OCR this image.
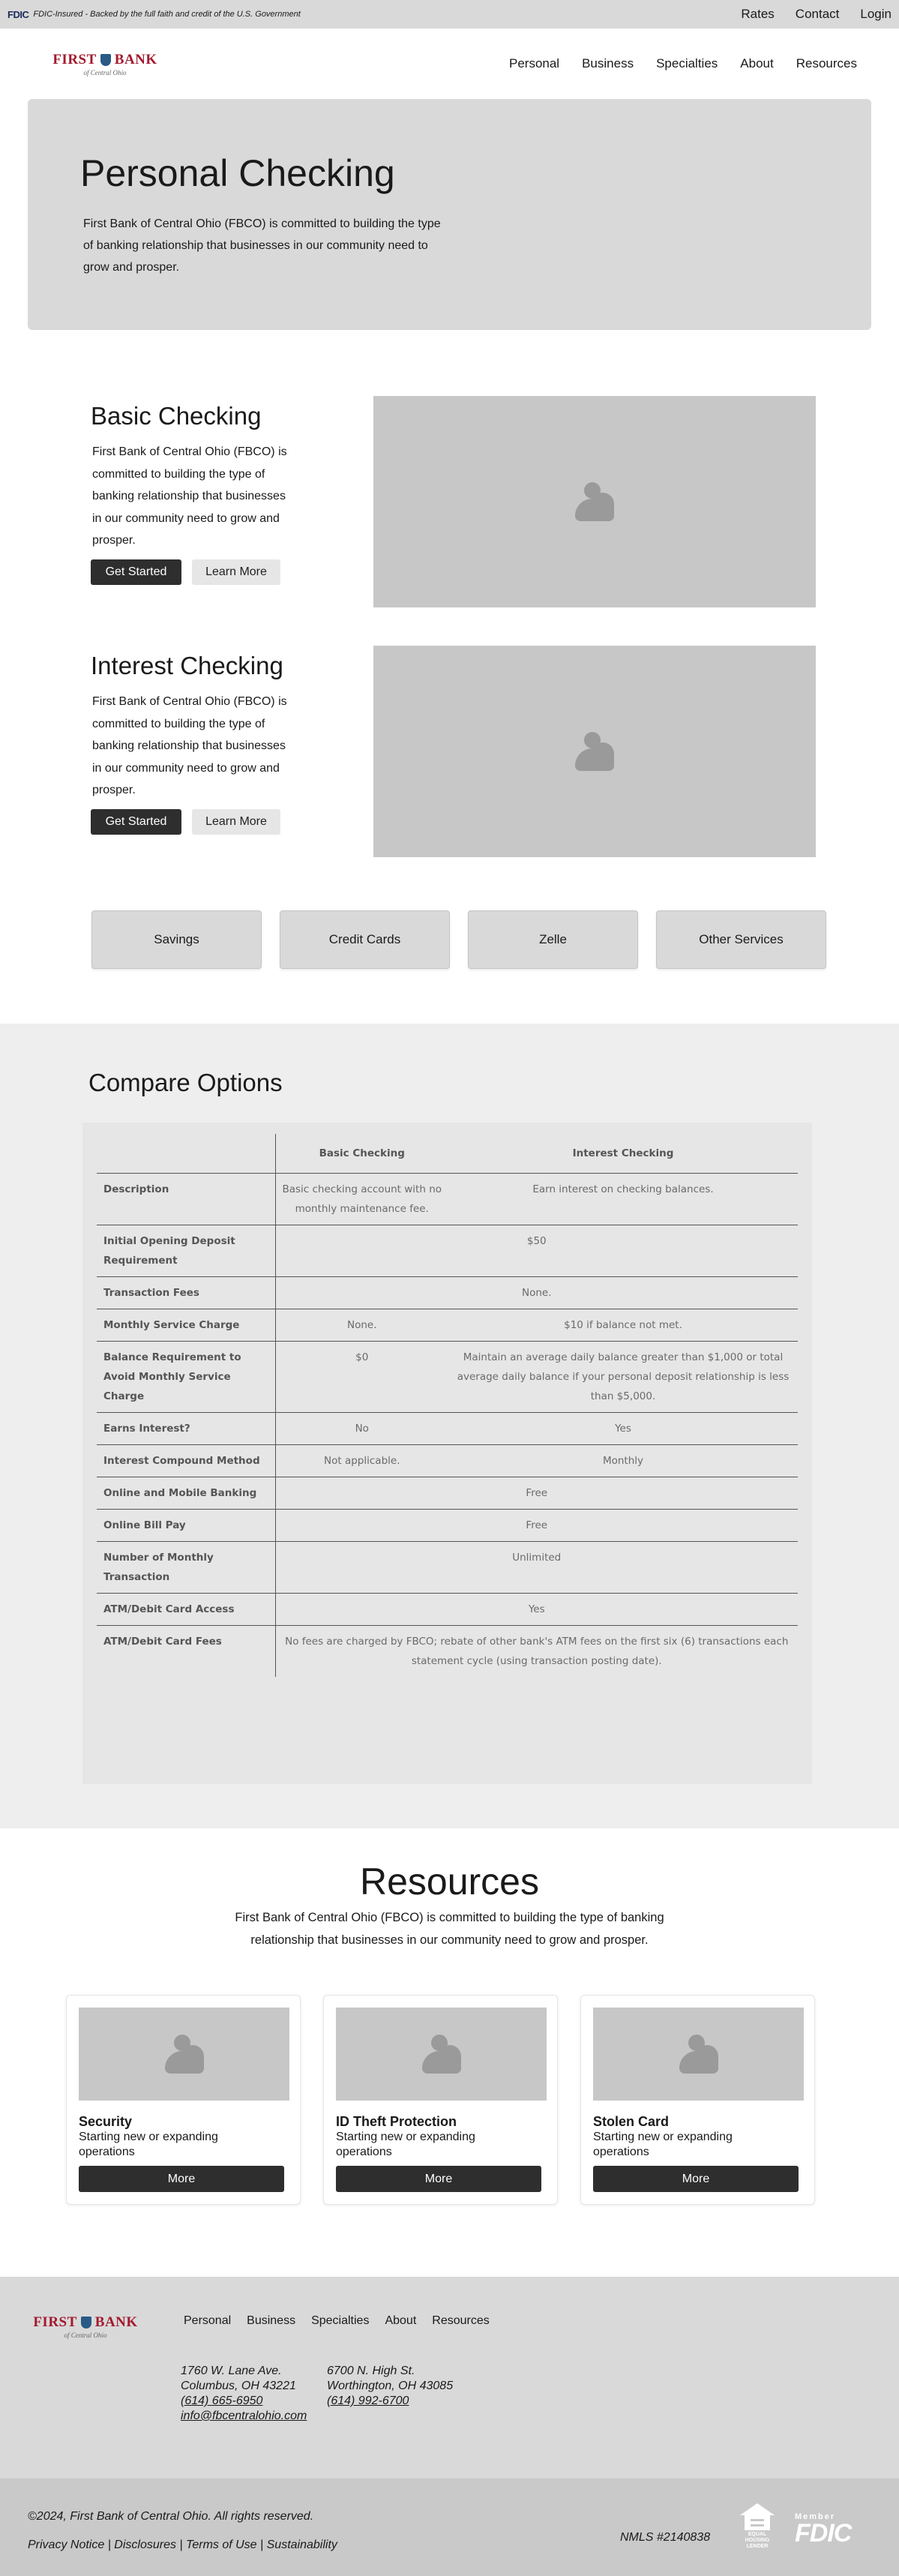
FDIC FDIC-Insured - Backed by the full faith and credit of the U.S. Government	Rates Contact Login
FIRST BANK
of Central Ohio
Personal Business Specialties About Resources
Personal Checking

First Bank of Central Ohio (FBCO) is committed to building the type of banking relationship that businesses in our community need to grow and prosper.

Basic Checking

First Bank of Central Ohio (FBCO) is committed to building the type of banking relationship that businesses in our community need to grow and prosper.

Get Started	Learn More
Interest Checking

First Bank of Central Ohio (FBCO) is committed to building the type of banking relationship that businesses in our community need to grow and prosper.

Get Started	Learn More
Savings	Credit Cards	Zelle	Other Services
Compare Options
	Basic Checking	Interest Checking
Description	Basic checking account with no monthly maintenance fee.	Earn interest on checking balances.
Initial Opening Deposit Requirement	$50	
Transaction Fees	None.	
Monthly Service Charge	None.	$10 if balance not met.
Balance Requirement to Avoid Monthly Service Charge	$0	Maintain an average daily balance greater than $1,000 or total average daily balance if your personal deposit relationship is less than $5,000.
Earns Interest?	No	Yes
Interest Compound Method	Not applicable.	Monthly
Online and Mobile Banking	Free	
Online Bill Pay	Free	
Number of Monthly Transaction	Unlimited	
ATM/Debit Card Access	Yes	
ATM/Debit Card Fees	No fees are charged by FBCO; rebate of other bank's ATM fees on the first six (6) transactions each statement cycle (using transaction posting date).	
Resources

First Bank of Central Ohio (FBCO) is committed to building the type of banking relationship that businesses in our community need to grow and prosper.

Security

Starting new or expanding operations

More
ID Theft Protection

Starting new or expanding operations

More
Stolen Card

Starting new or expanding operations

More
FIRST BANK
of Central Ohio
Personal Business Specialties About Resources
1760 W. Lane Ave.
Columbus, OH 43221
(614) 665-6950
info@fbcentralohio.com
6700 N. High St.
Worthington, OH 43085
(614) 992-6700
©2024, First Bank of Central Ohio. All rights reserved.
Privacy Notice | Disclosures | Terms of Use | Sustainability
NMLS #2140838	EQUAL HOUSING
LENDER
Member
FDIC
